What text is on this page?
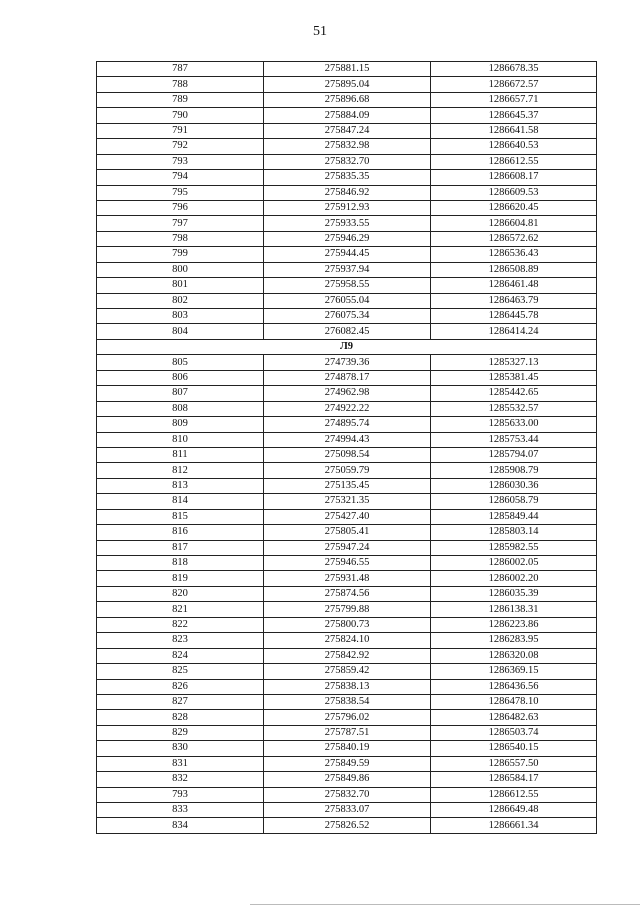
51
787	275881.15	1286678.35
788	275895.04	1286672.57
789	275896.68	1286657.71
790	275884.09	1286645.37
791	275847.24	1286641.58
792	275832.98	1286640.53
793	275832.70	1286612.55
794	275835.35	1286608.17
795	275846.92	1286609.53
796	275912.93	1286620.45
797	275933.55	1286604.81
798	275946.29	1286572.62
799	275944.45	1286536.43
800	275937.94	1286508.89
801	275958.55	1286461.48
802	276055.04	1286463.79
803	276075.34	1286445.78
804	276082.45	1286414.24
Л9		
805	274739.36	1285327.13
806	274878.17	1285381.45
807	274962.98	1285442.65
808	274922.22	1285532.57
809	274895.74	1285633.00
810	274994.43	1285753.44
811	275098.54	1285794.07
812	275059.79	1285908.79
813	275135.45	1286030.36
814	275321.35	1286058.79
815	275427.40	1285849.44
816	275805.41	1285803.14
817	275947.24	1285982.55
818	275946.55	1286002.05
819	275931.48	1286002.20
820	275874.56	1286035.39
821	275799.88	1286138.31
822	275800.73	1286223.86
823	275824.10	1286283.95
824	275842.92	1286320.08
825	275859.42	1286369.15
826	275838.13	1286436.56
827	275838.54	1286478.10
828	275796.02	1286482.63
829	275787.51	1286503.74
830	275840.19	1286540.15
831	275849.59	1286557.50
832	275849.86	1286584.17
793	275832.70	1286612.55
833	275833.07	1286649.48
834	275826.52	1286661.34
